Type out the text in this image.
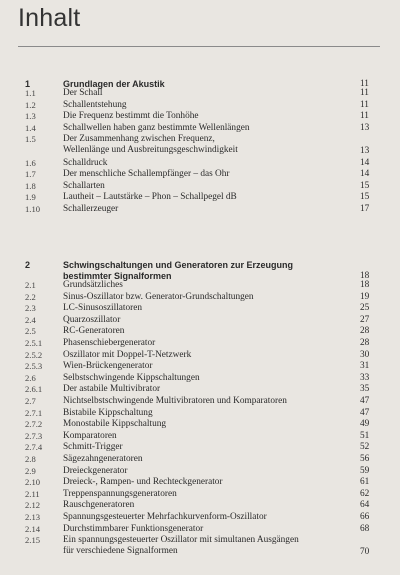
Inhalt
1	Grundlagen der Akustik	11
1.1	Der Schall	11
1.2	Schallentstehung	11
1.3	Die Frequenz bestimmt die Tonhöhe	11
1.4	Schallwellen haben ganz bestimmte Wellenlängen	13
1.5	Der Zusammenhang zwischen Frequenz,
Wellenlänge und Ausbreitungsgeschwindigkeit	13
1.6	Schalldruck	14
1.7	Der menschliche Schallempfänger – das Ohr	14
1.8	Schallarten	15
1.9	Lautheit – Lautstärke – Phon – Schallpegel dB	15
1.10 Schallerzeuger	17
2	Schwingschaltungen und Generatoren zur Erzeugung
bestimmter Signalformen	18
2.1	Grundsätzliches	18
2.2	Sinus-Oszillator bzw. Generator-Grundschaltungen	19
2.3	LC-Sinusoszillatoren	25
2.4	Quarzoszillator	27
2.5	RC-Generatoren	28
2.5.1 Phasenschiebergenerator	28
2.5.2 Oszillator mit Doppel-T-Netzwerk	30
2.5.3 Wien-Brückengenerator	31
2.6	Selbstschwingende Kippschaltungen	33
2.6.1 Der astabile Multivibrator	35
2.7	Nichtselbstschwingende Multivibratoren und Komparatoren	47
2.7.1 Bistabile Kippschaltung	47
2.7.2 Monostabile Kippschaltung	49
2.7.3 Komparatoren	51
2.7.4 Schmitt-Trigger	52
2.8	Sägezahngeneratoren	56
2.9	Dreieckgenerator	59
2.10 Dreieck-, Rampen- und Rechteckgenerator	61
2.11	Treppenspannungsgeneratoren	62
2.12 Rauschgeneratoren	64
2.13 Spannungsgesteuerter Mehrfachkurvenform-Oszillator	66
2.14 Durchstimmbarer Funktionsgenerator	68
2.15 Ein spannungsgesteuerter Oszillator mit simultanen Ausgängen
für verschiedene Signalformen	70
